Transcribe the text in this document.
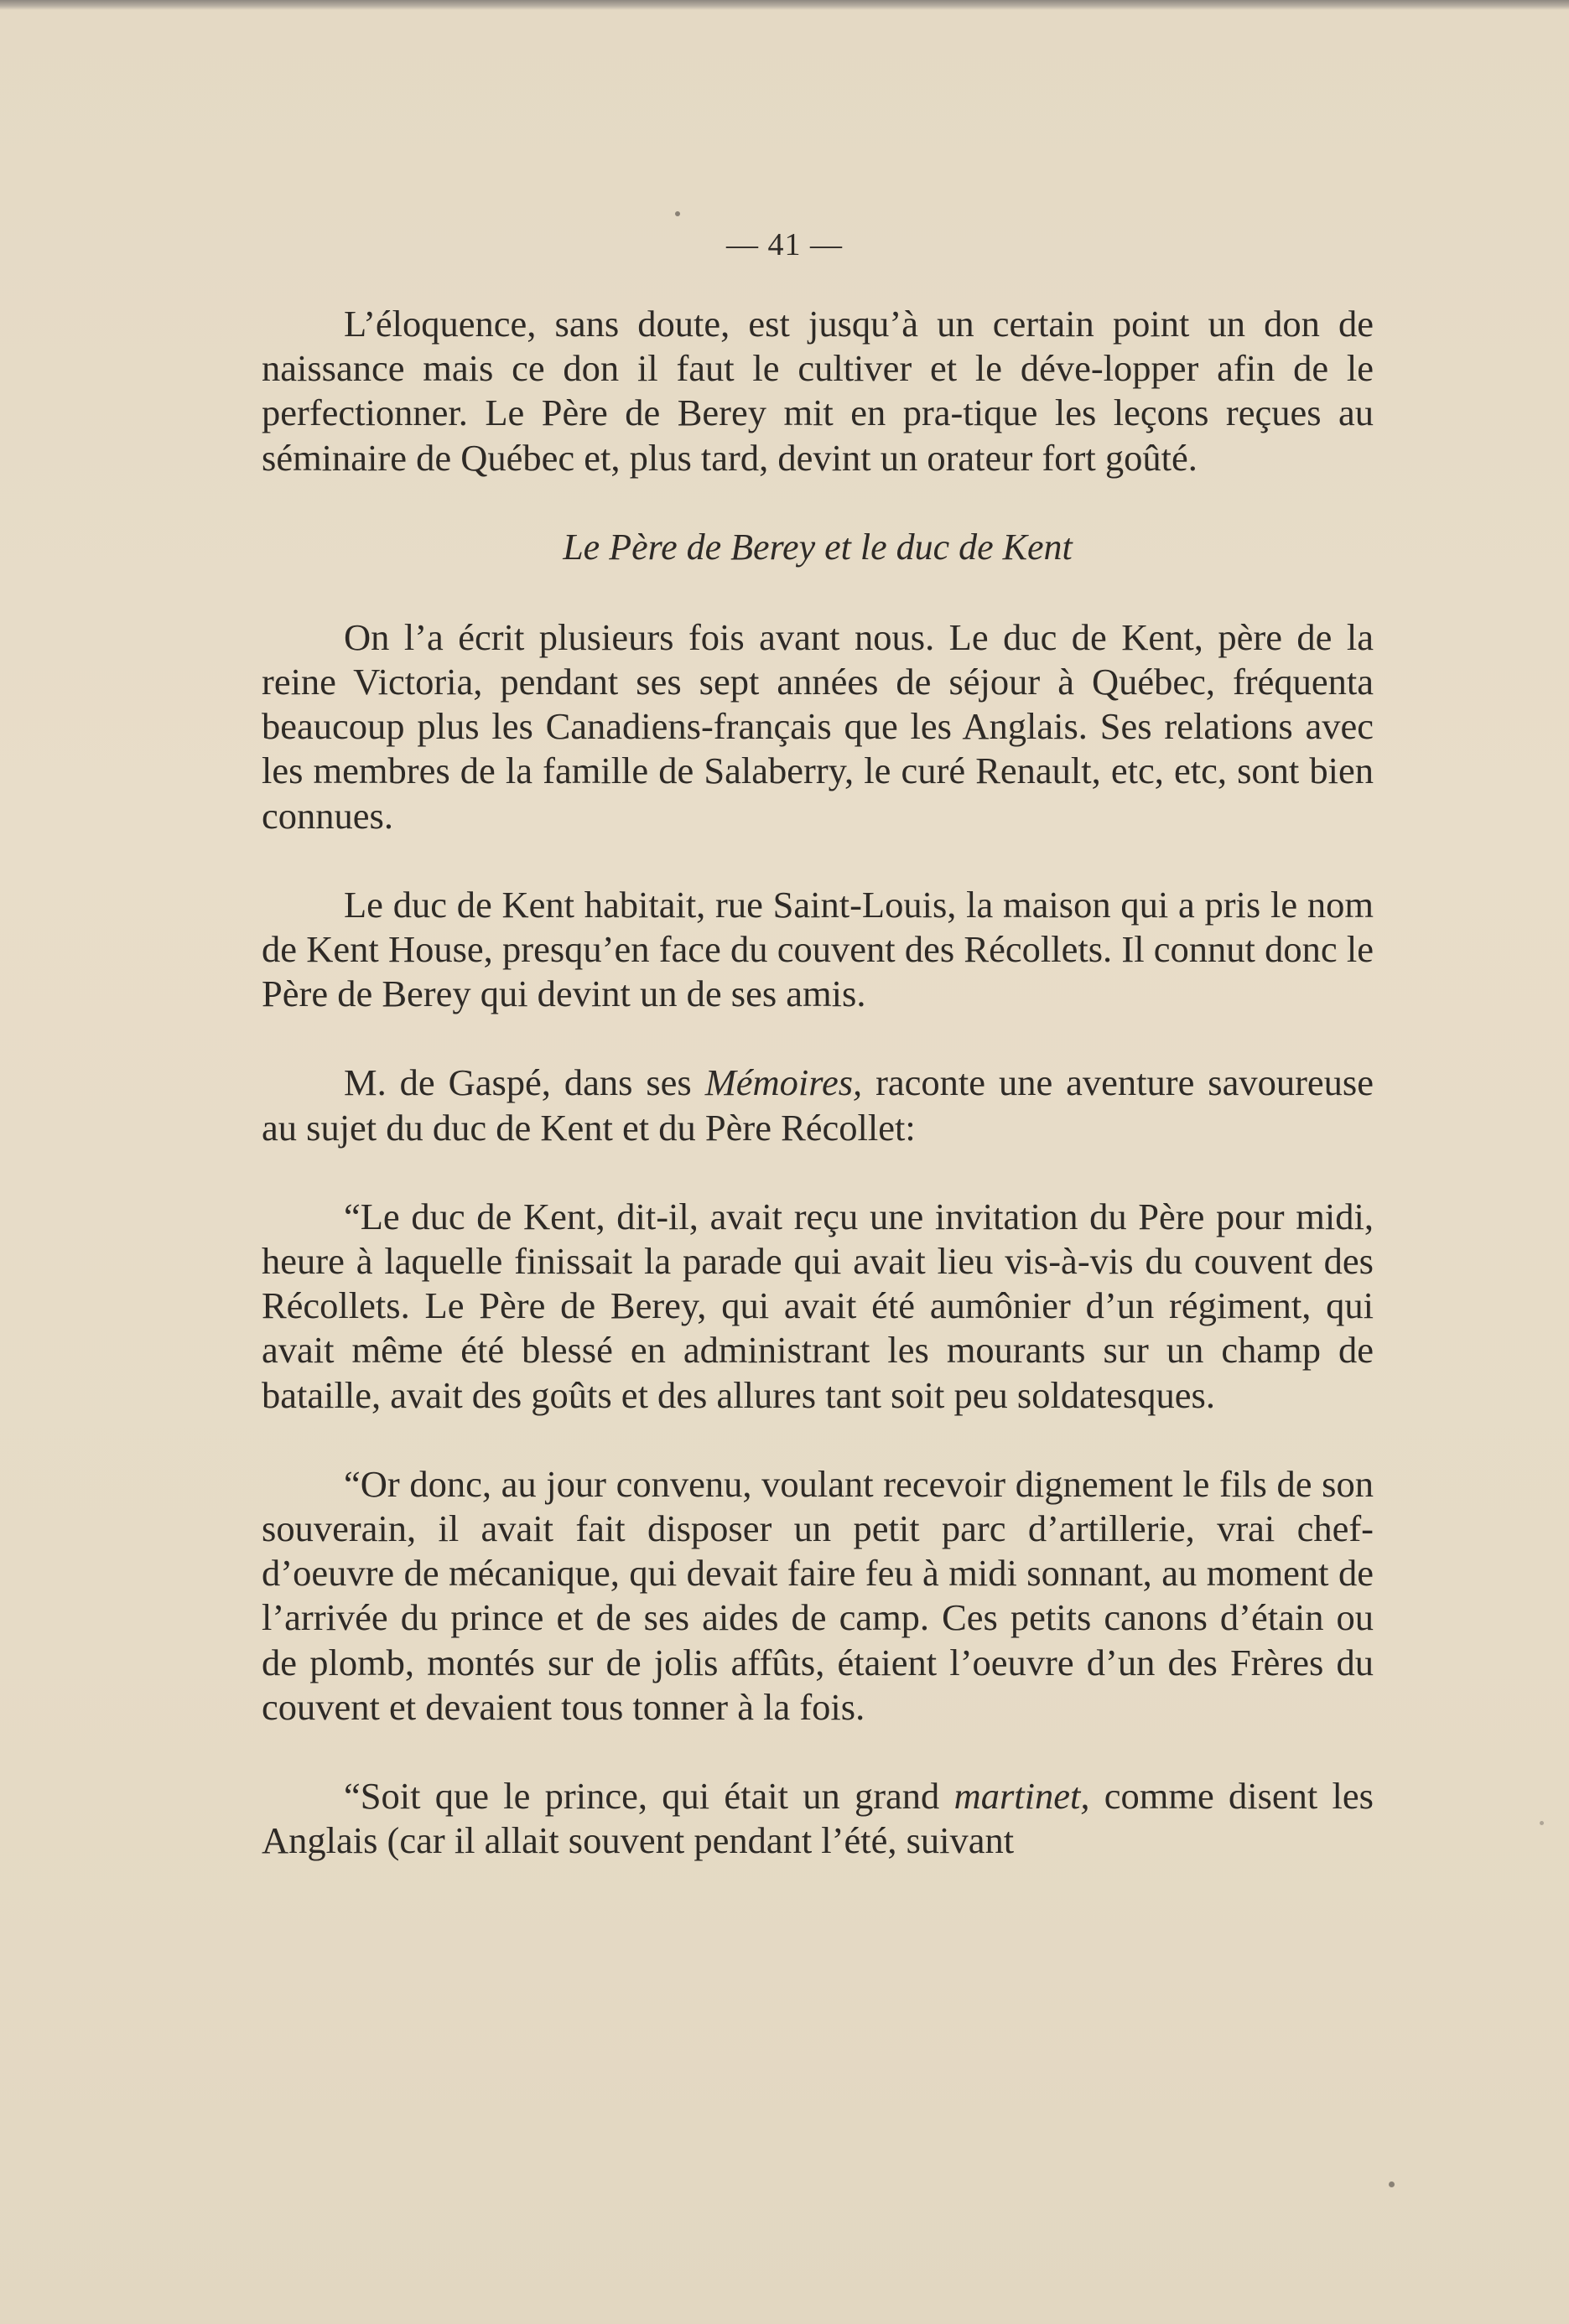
— 41 —

L’éloquence, sans doute, est jusqu’à un certain point un don de naissance mais ce don il faut le cultiver et le déve-lopper afin de le perfectionner. Le Père de Berey mit en pra-tique les leçons reçues au séminaire de Québec et, plus tard, devint un orateur fort goûté.

Le Père de Berey et le duc de Kent

On l’a écrit plusieurs fois avant nous. Le duc de Kent, père de la reine Victoria, pendant ses sept années de séjour à Québec, fréquenta beaucoup plus les Canadiens-français que les Anglais. Ses relations avec les membres de la famille de Salaberry, le curé Renault, etc, etc, sont bien connues.

Le duc de Kent habitait, rue Saint-Louis, la maison qui a pris le nom de Kent House, presqu’en face du couvent des Récollets. Il connut donc le Père de Berey qui devint un de ses amis.

M. de Gaspé, dans ses Mémoires, raconte une aventure savoureuse au sujet du duc de Kent et du Père Récollet:

“Le duc de Kent, dit-il, avait reçu une invitation du Père pour midi, heure à laquelle finissait la parade qui avait lieu vis-à-vis du couvent des Récollets. Le Père de Berey, qui avait été aumônier d’un régiment, qui avait même été blessé en administrant les mourants sur un champ de bataille, avait des goûts et des allures tant soit peu soldatesques.

“Or donc, au jour convenu, voulant recevoir dignement le fils de son souverain, il avait fait disposer un petit parc d’artillerie, vrai chef-d’oeuvre de mécanique, qui devait faire feu à midi sonnant, au moment de l’arrivée du prince et de ses aides de camp. Ces petits canons d’étain ou de plomb, montés sur de jolis affûts, étaient l’oeuvre d’un des Frères du couvent et devaient tous tonner à la fois.

“Soit que le prince, qui était un grand martinet, comme disent les Anglais (car il allait souvent pendant l’été, suivant
